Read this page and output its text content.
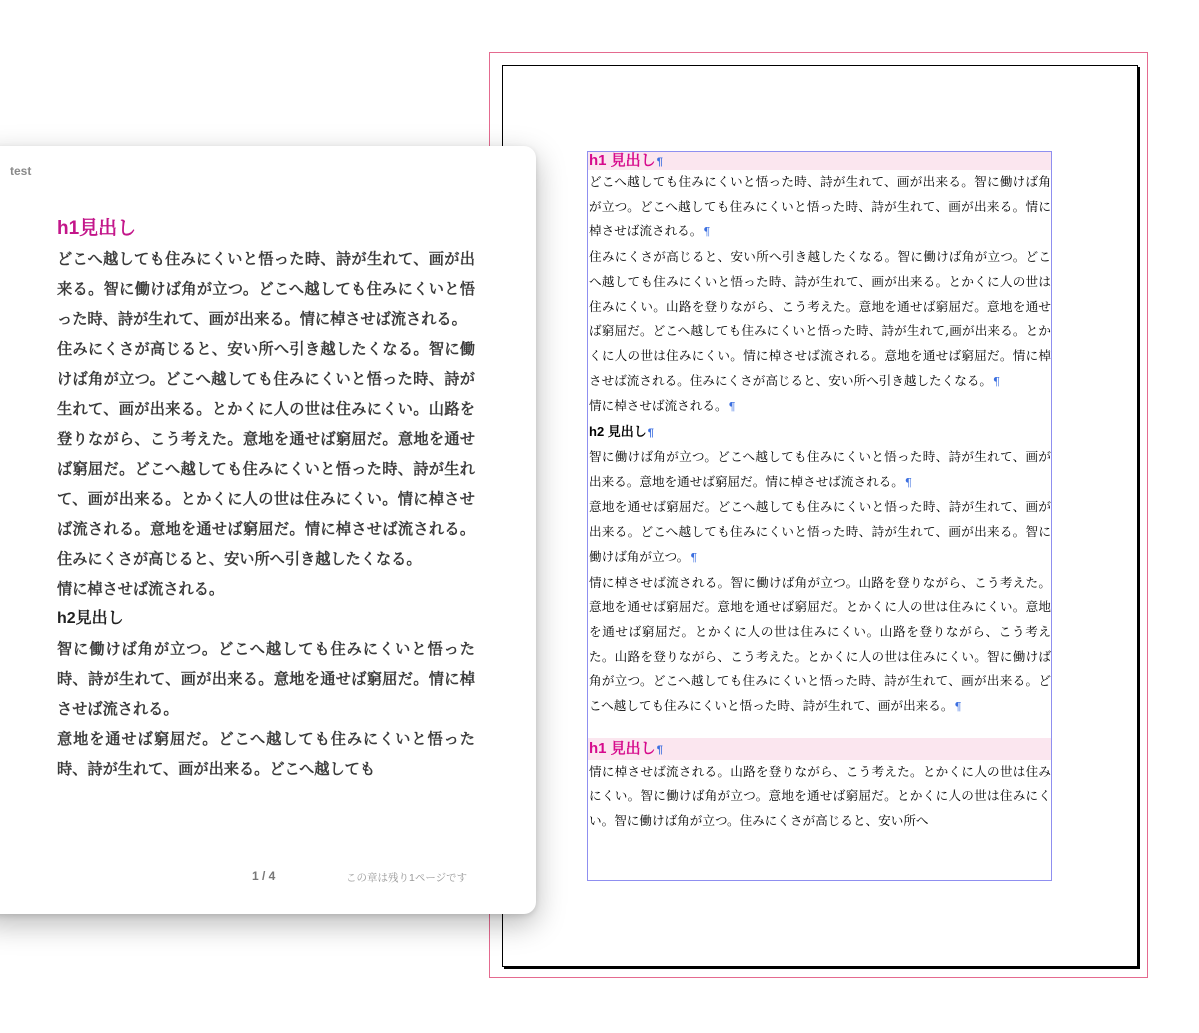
h1 見出し¶

どこへ越しても住みにくいと悟った時、詩が生れて、画が出来る。智に働けば角が立つ。どこへ越しても住みにくいと悟った時、詩が生れて、画が出来る。情に棹させば流される。¶

住みにくさが高じると、安い所へ引き越したくなる。智に働けば角が立つ。どこへ越しても住みにくいと悟った時、詩が生れて、画が出来る。とかくに人の世は住みにくい。山路を登りながら、こう考えた。意地を通せば窮屈だ。意地を通せば窮屈だ。どこへ越しても住みにくいと悟った時、詩が生れて,画が出来る。とかくに人の世は住みにくい。情に棹させば流される。意地を通せば窮屈だ。情に棹させば流される。住みにくさが高じると、安い所へ引き越したくなる。¶

情に棹させば流される。¶

h2 見出し¶

智に働けば角が立つ。どこへ越しても住みにくいと悟った時、詩が生れて、画が出来る。意地を通せば窮屈だ。情に棹させば流される。¶

意地を通せば窮屈だ。どこへ越しても住みにくいと悟った時、詩が生れて、画が出来る。どこへ越しても住みにくいと悟った時、詩が生れて、画が出来る。智に働けば角が立つ。¶

情に棹させば流される。智に働けば角が立つ。山路を登りながら、こう考えた。意地を通せば窮屈だ。意地を通せば窮屈だ。とかくに人の世は住みにくい。意地を通せば窮屈だ。とかくに人の世は住みにくい。山路を登りながら、こう考えた。山路を登りながら、こう考えた。とかくに人の世は住みにくい。智に働けば角が立つ。どこへ越しても住みにくいと悟った時、詩が生れて、画が出来る。どこへ越しても住みにくいと悟った時、詩が生れて、画が出来る。¶

h1 見出し¶

情に棹させば流される。山路を登りながら、こう考えた。とかくに人の世は住みにくい。智に働けば角が立つ。意地を通せば窮屈だ。とかくに人の世は住みにくい。智に働けば角が立つ。住みにくさが高じると、安い所へ

test
h1見出し

どこへ越しても住みにくいと悟った時、詩が生れて、画が出来る。智に働けば角が立つ。どこへ越しても住みにくいと悟った時、詩が生れて、画が出来る。情に棹させば流される。

住みにくさが高じると、安い所へ引き越したくなる。智に働けば角が立つ。どこへ越しても住みにくいと悟った時、詩が生れて、画が出来る。とかくに人の世は住みにくい。山路を登りながら、こう考えた。意地を通せば窮屈だ。意地を通せば窮屈だ。どこへ越しても住みにくいと悟った時、詩が生れて、画が出来る。とかくに人の世は住みにくい。情に棹させば流される。意地を通せば窮屈だ。情に棹させば流される。住みにくさが高じると、安い所へ引き越したくなる。

情に棹させば流される。

h2見出し

智に働けば角が立つ。どこへ越しても住みにくいと悟った時、詩が生れて、画が出来る。意地を通せば窮屈だ。情に棹させば流される。

意地を通せば窮屈だ。どこへ越しても住みにくいと悟った時、詩が生れて、画が出来る。どこへ越しても

1 / 4	この章は残り1ページです
